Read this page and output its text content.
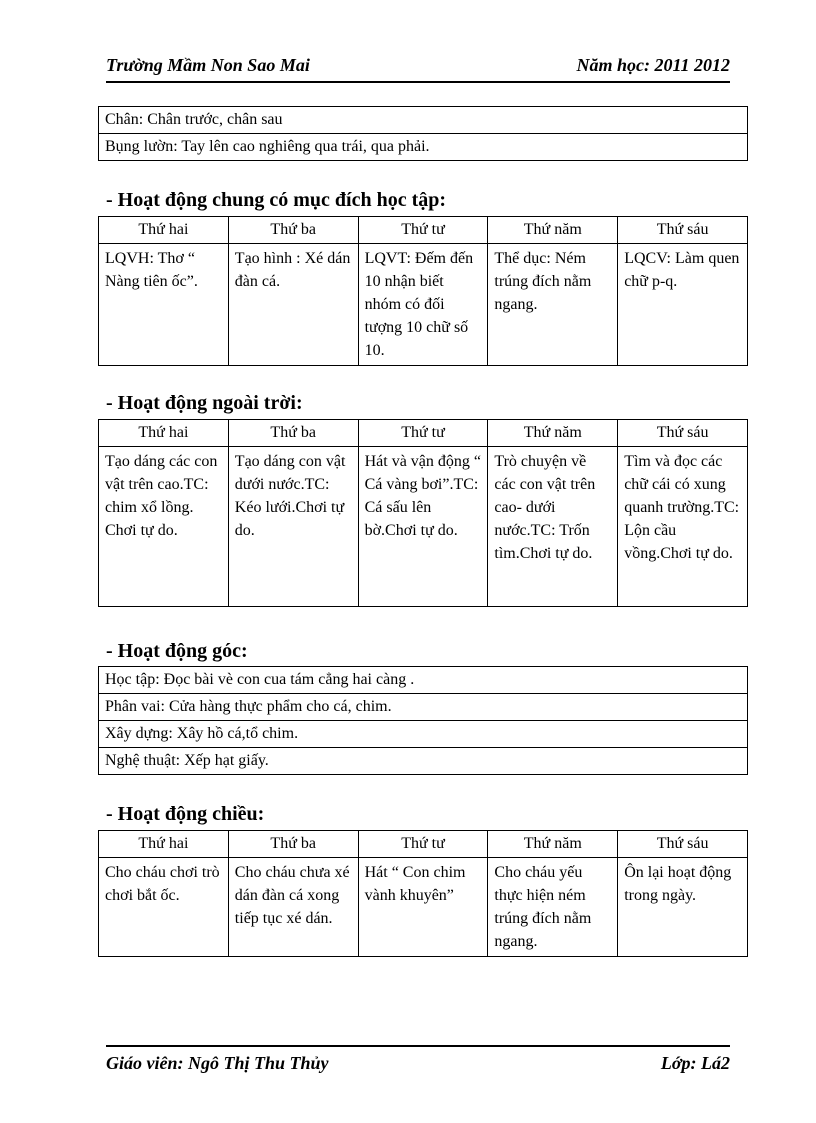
Trường Mầm Non Sao Mai	Năm học: 2011 2012
Chân: Chân trước, chân sau
Bụng lườn: Tay lên cao nghiêng qua trái, qua phải.
- Hoạt động chung có mục đích học tập:
Thứ hai	Thứ ba	Thứ tư	Thứ năm	Thứ sáu
LQVH: Thơ “ Nàng tiên ốc”.	Tạo hình : Xé dán đàn cá.	LQVT: Đếm đến 10 nhận biết nhóm có đối tượng 10 chữ số 10.	Thể dục: Ném trúng đích nằm ngang.	LQCV: Làm quen chữ p-q.
- Hoạt động ngoài trời:
Thứ hai	Thứ ba	Thứ tư	Thứ năm	Thứ sáu
Tạo dáng các con vật trên cao.TC: chim xổ lồng. Chơi tự do.	Tạo dáng con vật dưới nước.TC: Kéo lưới.Chơi tự do.	Hát và vận động “ Cá vàng bơi”.TC: Cá sấu lên bờ.Chơi tự do.	Trò chuyện về các con vật trên cao- dưới nước.TC: Trốn tìm.Chơi tự do.	Tìm và đọc các chữ cái có xung quanh trường.TC: Lộn cầu vồng.Chơi tự do.
- Hoạt động góc:
Học tập: Đọc bài vè con cua tám cẳng hai càng .
Phân vai: Cửa hàng thực phẩm cho cá, chim.
Xây dựng: Xây hồ cá,tổ chim.
Nghệ thuật: Xếp hạt giấy.
- Hoạt động chiều:
Thứ hai	Thứ ba	Thứ tư	Thứ năm	Thứ sáu
Cho cháu chơi trò chơi bắt ốc.	Cho cháu chưa xé dán đàn cá xong tiếp tục xé dán.	Hát “ Con chim vành khuyên”	Cho cháu yếu thực hiện ném trúng đích nằm ngang.	Ôn lại hoạt động trong ngày.
Giáo viên: Ngô Thị Thu Thủy	Lớp: Lá2
